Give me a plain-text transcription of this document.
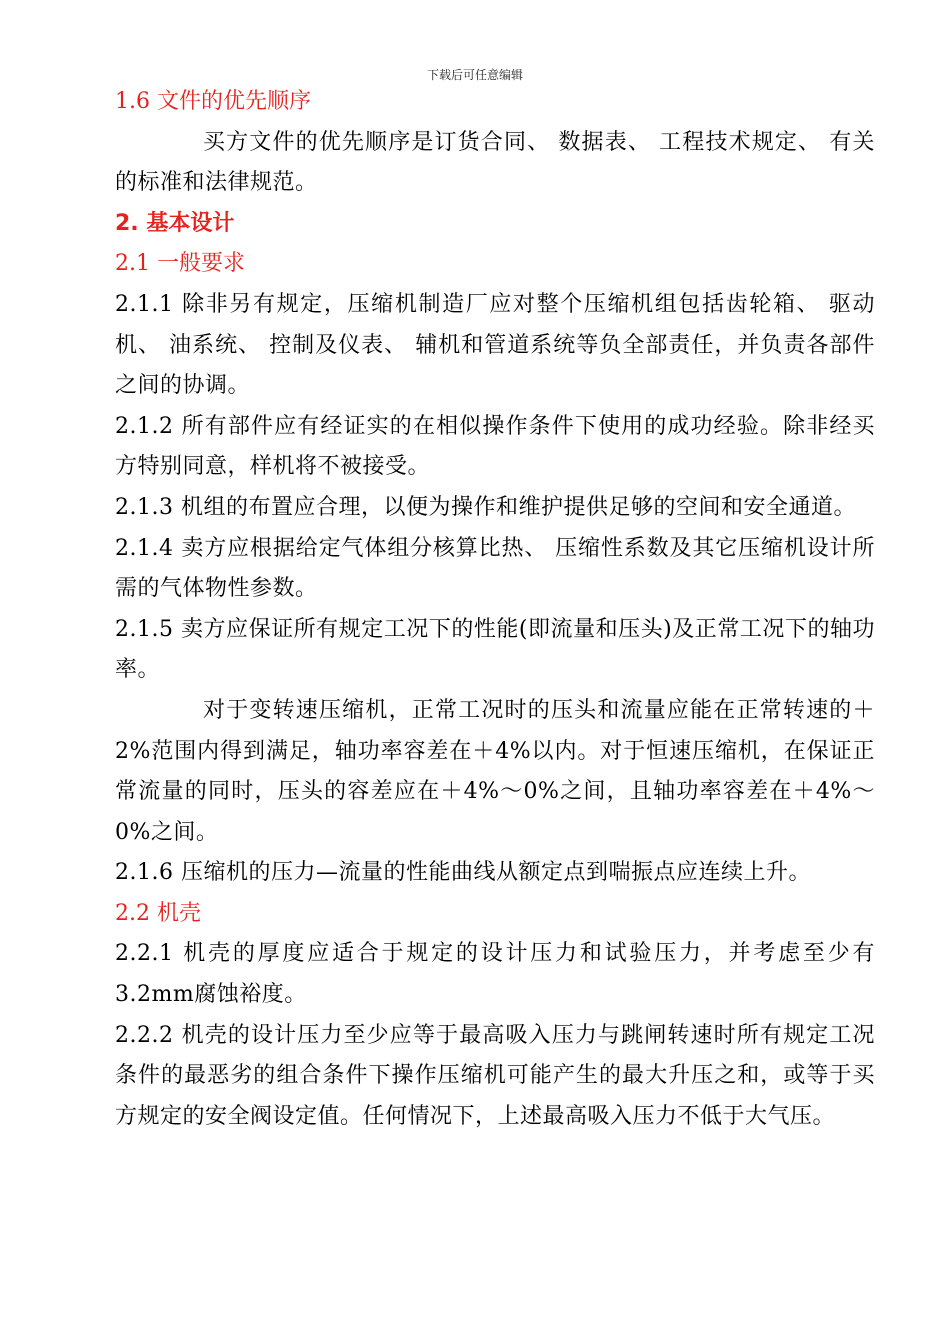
下载后可任意编辑
1.6 文件的优先顺序

买方文件的优先顺序是订货合同、 数据表、 工程技术规定、 有关的标准和法律规范。

2. 基本设计
2.1 一般要求

2.1.1 除非另有规定，压缩机制造厂应对整个压缩机组包括齿轮箱、 驱动机、 油系统、 控制及仪表、 辅机和管道系统等负全部责任，并负责各部件之间的协调。

2.1.2 所有部件应有经证实的在相似操作条件下使用的成功经验。除非经买方特别同意，样机将不被接受。

2.1.3 机组的布置应合理，以便为操作和维护提供足够的空间和安全通道。

2.1.4 卖方应根据给定气体组分核算比热、 压缩性系数及其它压缩机设计所需的气体物性参数。

2.1.5 卖方应保证所有规定工况下的性能(即流量和压头)及正常工况下的轴功率。

对于变转速压缩机，正常工况时的压头和流量应能在正常转速的＋2%范围内得到满足，轴功率容差在＋4%以内。对于恒速压缩机，在保证正常流量的同时，压头的容差应在＋4%～0%之间，且轴功率容差在＋4%～0%之间。

2.1.6 压缩机的压力—流量的性能曲线从额定点到喘振点应连续上升。

2.2 机壳

2.2.1 机壳的厚度应适合于规定的设计压力和试验压力，并考虑至少有3.2mm腐蚀裕度。

2.2.2 机壳的设计压力至少应等于最高吸入压力与跳闸转速时所有规定工况条件的最恶劣的组合条件下操作压缩机可能产生的最大升压之和，或等于买方规定的安全阀设定值。任何情况下，上述最高吸入压力不低于大气压。
